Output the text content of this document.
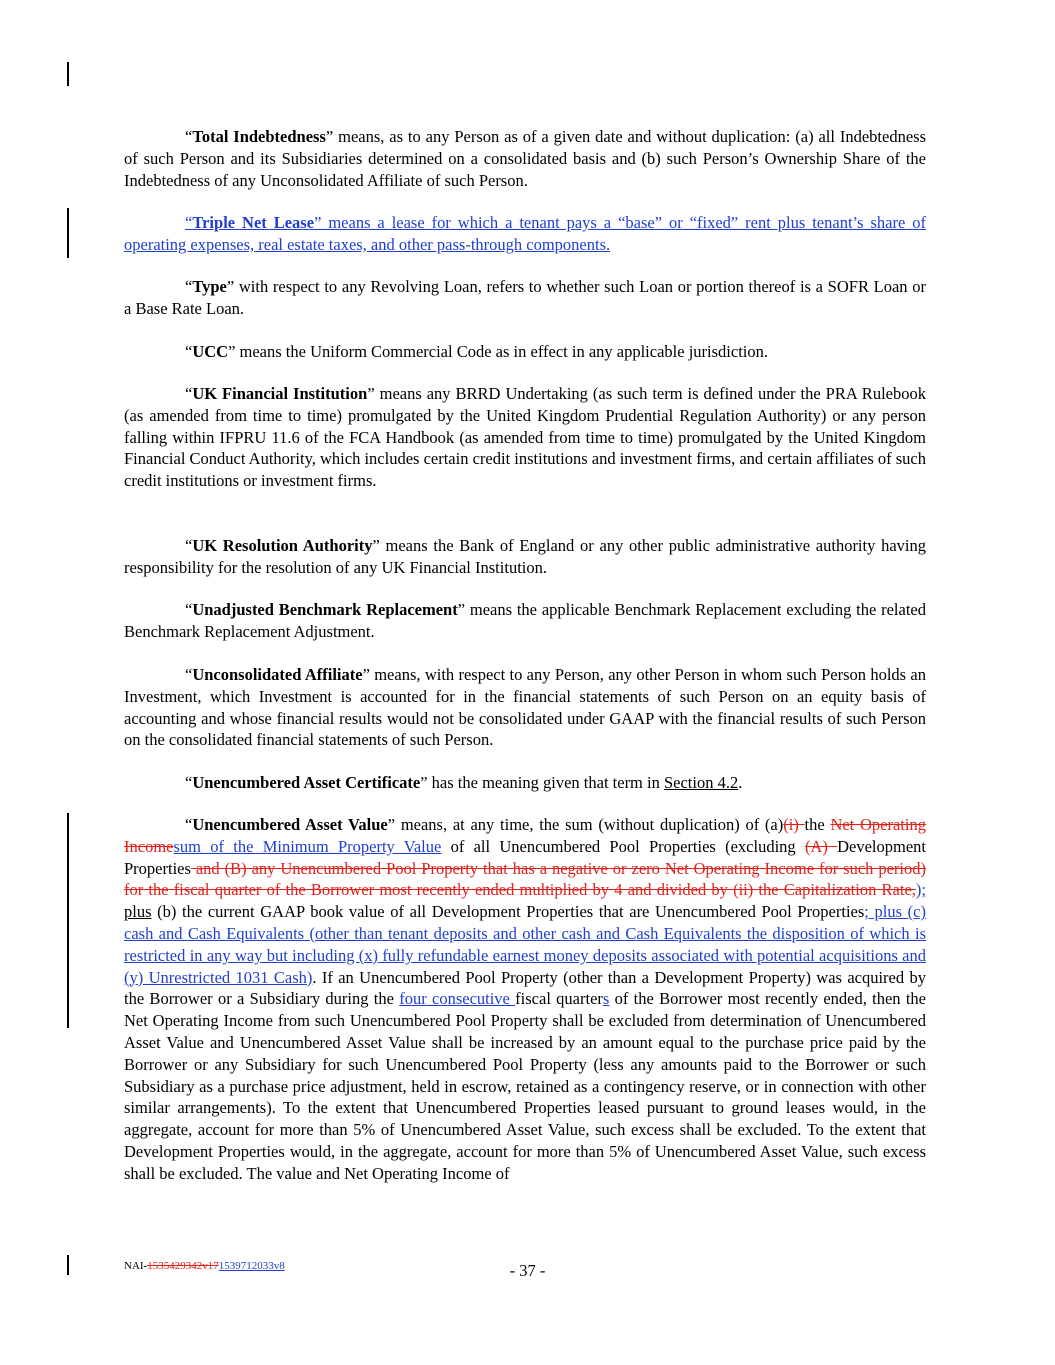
“Total Indebtedness” means, as to any Person as of a given date and without duplication: (a) all Indebtedness of such Person and its Subsidiaries determined on a consolidated basis and (b) such Person’s Ownership Share of the Indebtedness of any Unconsolidated Affiliate of such Person.

“Triple Net Lease” means a lease for which a tenant pays a “base” or “fixed” rent plus tenant’s share of operating expenses, real estate taxes, and other pass-through components.

“Type” with respect to any Revolving Loan, refers to whether such Loan or portion thereof is a SOFR Loan or a Base Rate Loan.

“UCC” means the Uniform Commercial Code as in effect in any applicable jurisdiction.

“UK Financial Institution” means any BRRD Undertaking (as such term is defined under the PRA Rulebook (as amended from time to time) promulgated by the United Kingdom Prudential Regulation Authority) or any person falling within IFPRU 11.6 of the FCA Handbook (as amended from time to time) promulgated by the United Kingdom Financial Conduct Authority, which includes certain credit institutions and investment firms, and certain affiliates of such credit institutions or investment firms.

“UK Resolution Authority” means the Bank of England or any other public administrative authority having responsibility for the resolution of any UK Financial Institution.

“Unadjusted Benchmark Replacement” means the applicable Benchmark Replacement excluding the related Benchmark Replacement Adjustment.

“Unconsolidated Affiliate” means, with respect to any Person, any other Person in whom such Person holds an Investment, which Investment is accounted for in the financial statements of such Person on an equity basis of accounting and whose financial results would not be consolidated under GAAP with the financial results of such Person on the consolidated financial statements of such Person.

“Unencumbered Asset Certificate” has the meaning given that term in Section 4.2.

“Unencumbered Asset Value” means, at any time, the sum (without duplication) of (a)(i) the Net Operating Incomesum of the Minimum Property Value of all Unencumbered Pool Properties (excluding (A) Development Properties and (B) any Unencumbered Pool Property that has a negative or zero Net Operating Income for such period) for the fiscal quarter of the Borrower most recently ended multiplied by 4 and divided by (ii) the Capitalization Rate,); plus (b) the current GAAP book value of all Development Properties that are Unencumbered Pool Properties; plus (c) cash and Cash Equivalents (other than tenant deposits and other cash and Cash Equivalents the disposition of which is restricted in any way but including (x) fully refundable earnest money deposits associated with potential acquisitions and (y) Unrestricted 1031 Cash). If an Unencumbered Pool Property (other than a Development Property) was acquired by the Borrower or a Subsidiary during the four consecutive fiscal quarters of the Borrower most recently ended, then the Net Operating Income from such Unencumbered Pool Property shall be excluded from determination of Unencumbered Asset Value and Unencumbered Asset Value shall be increased by an amount equal to the purchase price paid by the Borrower or any Subsidiary for such Unencumbered Pool Property (less any amounts paid to the Borrower or such Subsidiary as a purchase price adjustment, held in escrow, retained as a contingency reserve, or in connection with other similar arrangements). To the extent that Unencumbered Properties leased pursuant to ground leases would, in the aggregate, account for more than 5% of Unencumbered Asset Value, such excess shall be excluded. To the extent that Development Properties would, in the aggregate, account for more than 5% of Unencumbered Asset Value, such excess shall be excluded. The value and Net Operating Income of

NAI-1535429342v171539712033v8	- 37 -
